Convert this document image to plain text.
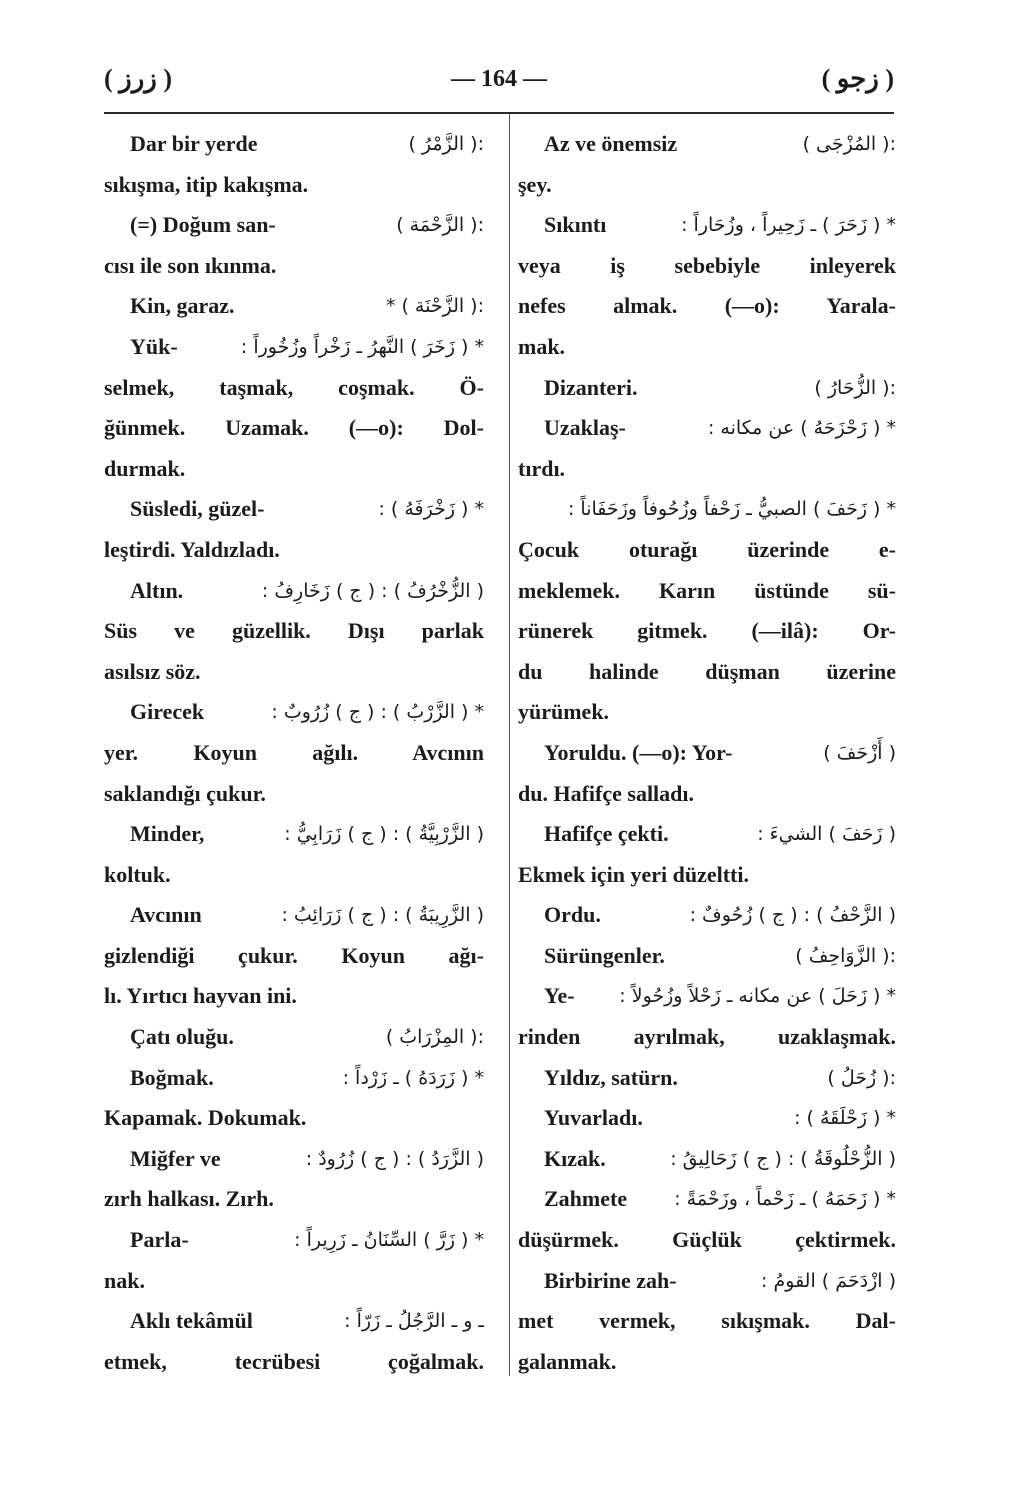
( زرز )	— 164 —	( زجو )
Dar bir yerde	:( الزَّمْرُ )
sıkışma, itip kakışma.
(=) Doğum san-	:( الزَّحْمَة )
cısı ile son ıkınma.
Kin, garaz.	:( الزَّحْنَة ) *
Yük-	* ( زَخَرَ ) النَّهرُ ـ زَخْراً وزُخُوراً :
selmek, taşmak, coşmak. Ö-
ğünmek. Uzamak. (—o): Dol-
durmak.
Süsledi, güzel-	* ( زَخْرَفَهُ ) :
leştirdi. Yaldızladı.
Altın.	( الزُّخْرُفُ ) : ( ج ) زَخَارِفُ :
Süs ve güzellik. Dışı parlak
asılsız söz.
Girecek	* ( الزَّرْبُ ) : ( ج ) زُرُوبٌ :
yer. Koyun ağılı. Avcının
saklandığı çukur.
Minder,	( الزَّرْبِيَّةُ ) : ( ج ) زَرَابِيُّ :
koltuk.
Avcının	( الزَّرِيبَةُ ) : ( ج ) زَرَائِبُ :
gizlendiği çukur. Koyun ağı-
lı. Yırtıcı hayvan ini.
Çatı oluğu.	:( المِزْرَابُ )
Boğmak.	* ( زَرَدَهُ ) ـ زَرْداً :
Kapamak. Dokumak.
Miğfer ve	( الزَّرَدُ ) : ( ج ) زُرُودٌ :
zırh halkası. Zırh.
Parla-	* ( زَرَّ ) السِّنَانُ ـ زَرِيراً :
nak.
Aklı tekâmül	ـ و ـ الرَّجُلُ ـ زَرّاً :
etmek, tecrübesi çoğalmak.
Az ve önemsiz	:( المُزْجَى )
şey.
Sıkıntı	* ( زَحَرَ ) ـ زَحِيراً ، وزُحَاراً :
veya iş sebebiyle inleyerek
nefes almak. (—o): Yarala-
mak.
Dizanteri.	:( الزُّحَارُ )
Uzaklaş-	* ( زَحْزَحَهُ ) عن مكانه :
tırdı.
* ( زَحَفَ ) الصبيُّ ـ زَحْفاً وزُحُوفاً وزَحَفَاناً :
Çocuk oturağı üzerinde e-
meklemek. Karın üstünde sü-
rünerek gitmek. (—ilâ): Or-
du halinde düşman üzerine
yürümek.
Yoruldu. (—o): Yor-	( أَزْحَفَ )
du. Hafifçe salladı.
Hafifçe çekti.	( زَحَفَ ) الشيءَ :
Ekmek için yeri düzeltti.
Ordu.	( الزَّحْفُ ) : ( ج ) زُحُوفٌ :
Sürüngenler.	:( الزَّوَاحِفُ )
Ye- * ( زَحَلَ ) عن مكانه ـ زَحْلاً وزُحُولاً :
rinden ayrılmak, uzaklaşmak.
Yıldız, satürn.	:( زُحَلُ )
Yuvarladı.	* ( زَحْلَقَهُ ) :
Kızak.	( الزُّحْلُوقَةُ ) : ( ج ) زَحَالِيقُ :
Zahmete * ( زَحَمَهُ ) ـ زَحْماً ، وزَحْمَةً :
düşürmek. Güçlük çektirmek.
Birbirine zah-	( ازْدَحَمَ ) القومُ :
met vermek, sıkışmak. Dal-
galanmak.
